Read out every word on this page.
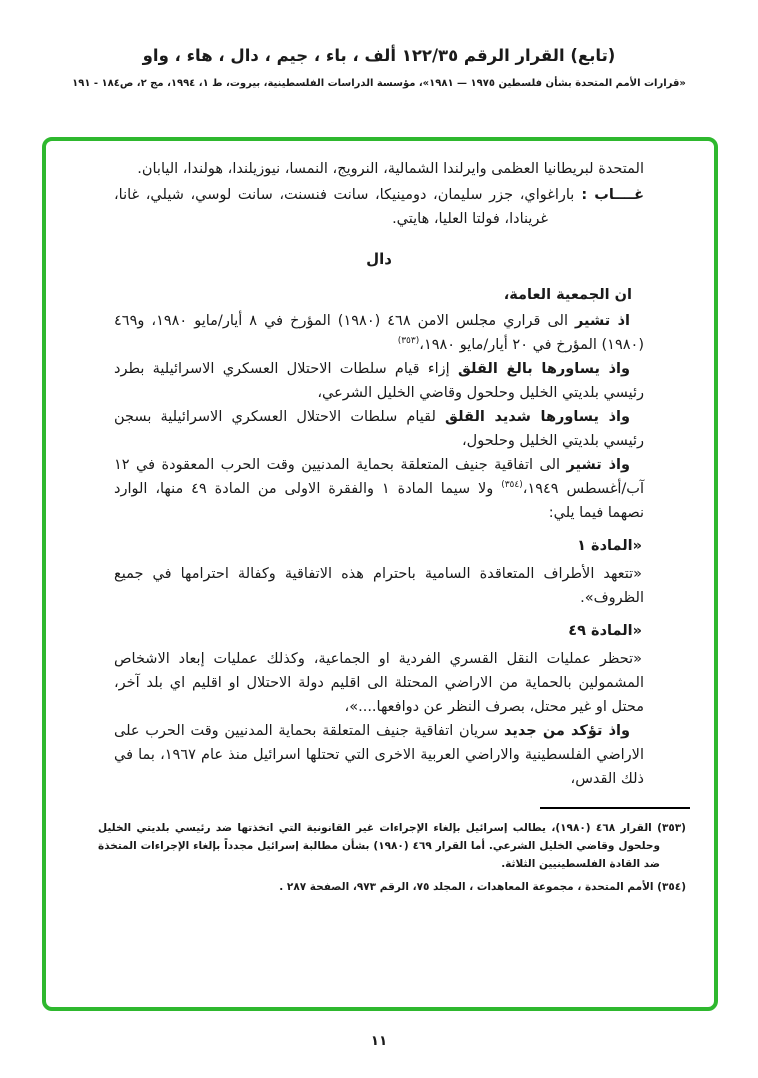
(تابع) القرار الرقم ١٢٢/٣٥ ألف ، باء ، جيم ، دال ، هاء ، واو
«قرارات الأمم المتحدة بشأن فلسطين ١٩٧٥ — ١٩٨١»، مؤسسة الدراسات الفلسطينية، بيروت، ط ١، ١٩٩٤، مج ٢، ص١٨٤ - ١٩١

المتحدة لبريطانيا العظمى وايرلندا الشمالية، النرويج، النمسا، نيوزيلندا، هولندا، اليابان.

غــــاب : باراغواي، جزر سليمان، دومينيكا، سانت فنسنت، سانت لوسي، شيلي، غانا، غرينادا، فولتا العليا، هايتي.

دال

ان الجمعية العامة،

اذ تشير الى قراري مجلس الامن ٤٦٨ (١٩٨٠) المؤرخ في ٨ أيار/مايو ١٩٨٠، و٤٦٩ (١٩٨٠) المؤرخ في ٢٠ أيار/مايو ١٩٨٠،$^{(٣٥٣)}$

واذ يساورها بالغ القلق إزاء قيام سلطات الاحتلال العسكري الاسرائيلية بطرد رئيسي بلديتي الخليل وحلحول وقاضي الخليل الشرعي،

واذ يساورها شديد القلق لقيام سلطات الاحتلال العسكري الاسرائيلية بسجن رئيسي بلديتي الخليل وحلحول،

واذ تشير الى اتفاقية جنيف المتعلقة بحماية المدنيين وقت الحرب المعقودة في ١٢ آب/أغسطس ١٩٤٩،$^{(٣٥٤)}$ ولا سيما المادة ١ والفقرة الاولى من المادة ٤٩ منها، الوارد نصهما فيما يلي:

«المادة ١

«تتعهد الأطراف المتعاقدة السامية باحترام هذه الاتفاقية وكفالة احترامها في جميع الظروف».

«المادة ٤٩

«تحظر عمليات النقل القسري الفردية او الجماعية، وكذلك عمليات إبعاد الاشخاص المشمولين بالحماية من الاراضي المحتلة الى اقليم دولة الاحتلال او اقليم اي بلد آخر، محتل او غير محتل، بصرف النظر عن دوافعها....»،

واذ تؤكد من جديد سريان اتفاقية جنيف المتعلقة بحماية المدنيين وقت الحرب على الاراضي الفلسطينية والاراضي العربية الاخرى التي تحتلها اسرائيل منذ عام ١٩٦٧، بما في ذلك القدس،

(٣٥٣) القرار ٤٦٨ (١٩٨٠)، يطالب إسرائيل بإلغاء الإجراءات غير القانونية التي اتخذتها ضد رئيسي بلديتي الخليل وحلحول وقاضي الخليل الشرعي. أما القرار ٤٦٩ (١٩٨٠) بشأن مطالبة إسرائيل مجدداً بإلغاء الإجراءات المتخذة ضد القادة الفلسطينيين الثلاثة.

(٣٥٤) الأمم المتحدة ، مجموعة المعاهدات ، المجلد ٧٥، الرقم ٩٧٣، الصفحة ٢٨٧ .

١١
